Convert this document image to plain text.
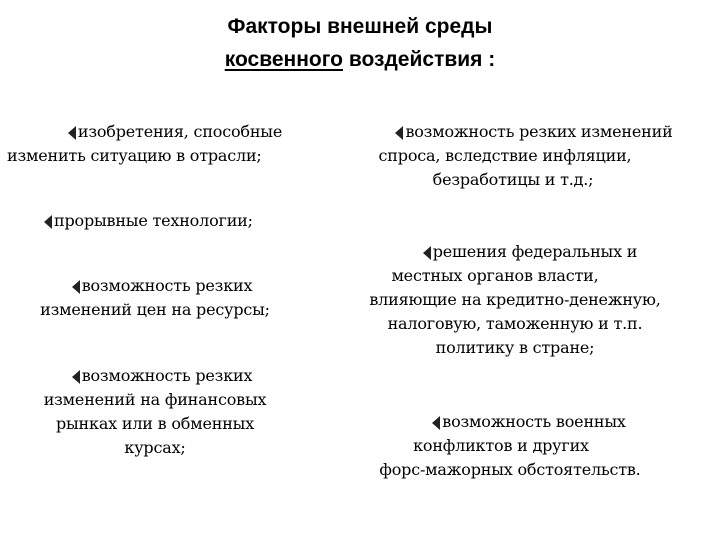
Факторы внешней среды
косвенного воздействия :
изобретения, способные
изменить ситуацию в отрасли;
прорывные технологии;
возможность резких
изменений цен на ресурсы;
возможность резких
изменений на финансовых
рынках или в обменных
курсах;
возможность резких изменений
спроса, вследствие инфляции,
безработицы и т.д.;
решения федеральных и
местных органов власти,
влияющие на кредитно-денежную,
налоговую, таможенную и т.п.
политику в стране;
возможность военных
конфликтов и других
форс-мажорных обстоятельств.
